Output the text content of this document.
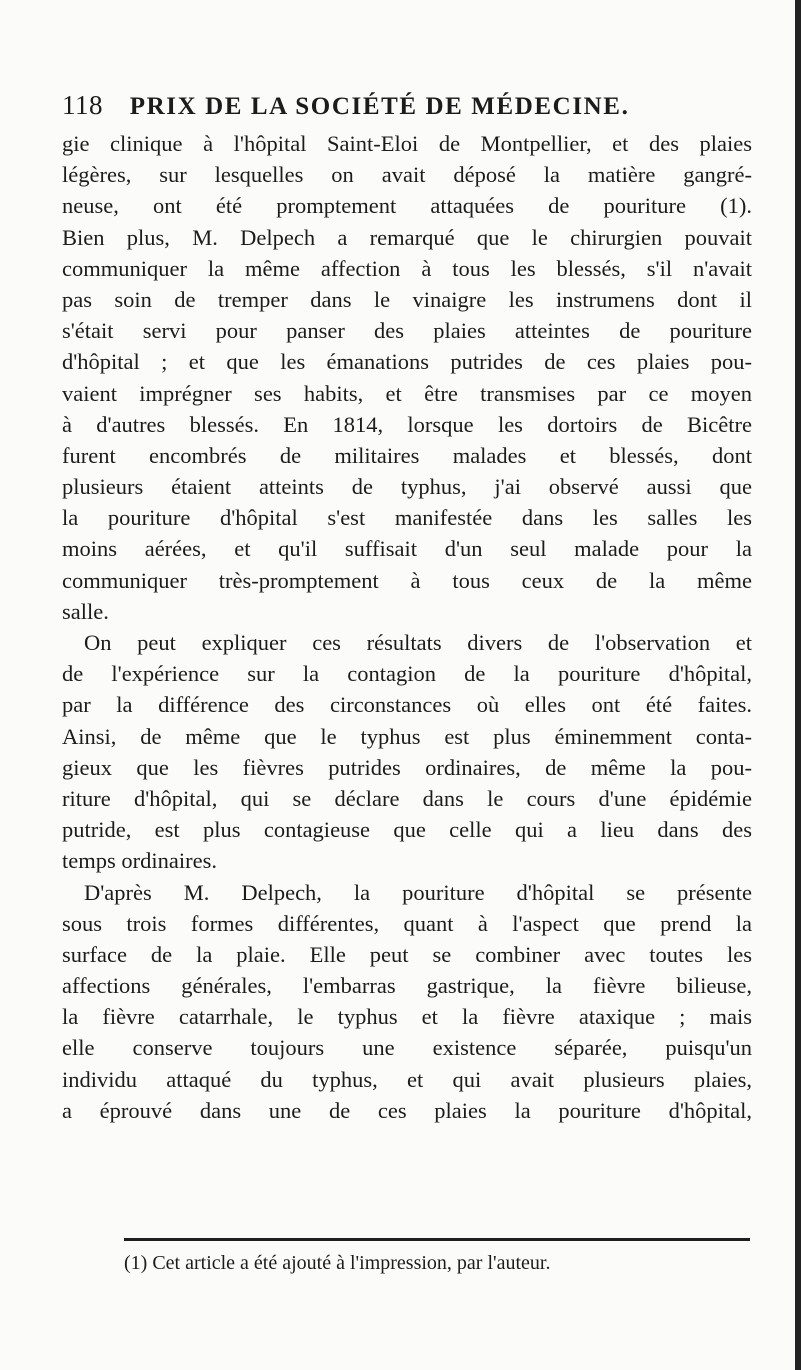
118 PRIX DE LA SOCIÉTÉ DE MÉDECINE.
gie clinique à l'hôpital Saint-Eloi de Montpellier, et des plaies
légères, sur lesquelles on avait déposé la matière gangré-
neuse, ont été promptement attaquées de pouriture (1).
Bien plus, M. Delpech a remarqué que le chirurgien pouvait
communiquer la même affection à tous les blessés, s'il n'avait
pas soin de tremper dans le vinaigre les instrumens dont il
s'était servi pour panser des plaies atteintes de pouriture
d'hôpital ; et que les émanations putrides de ces plaies pou-
vaient imprégner ses habits, et être transmises par ce moyen
à d'autres blessés. En 1814, lorsque les dortoirs de Bicêtre
furent encombrés de militaires malades et blessés, dont
plusieurs étaient atteints de typhus, j'ai observé aussi que
la pouriture d'hôpital s'est manifestée dans les salles les
moins aérées, et qu'il suffisait d'un seul malade pour la
communiquer très-promptement à tous ceux de la même
salle.
On peut expliquer ces résultats divers de l'observation et
de l'expérience sur la contagion de la pouriture d'hôpital,
par la différence des circonstances où elles ont été faites.
Ainsi, de même que le typhus est plus éminemment conta-
gieux que les fièvres putrides ordinaires, de même la pou-
riture d'hôpital, qui se déclare dans le cours d'une épidémie
putride, est plus contagieuse que celle qui a lieu dans des
temps ordinaires.
D'après M. Delpech, la pouriture d'hôpital se présente
sous trois formes différentes, quant à l'aspect que prend la
surface de la plaie. Elle peut se combiner avec toutes les
affections générales, l'embarras gastrique, la fièvre bilieuse,
la fièvre catarrhale, le typhus et la fièvre ataxique ; mais
elle conserve toujours une existence séparée, puisqu'un
individu attaqué du typhus, et qui avait plusieurs plaies,
a éprouvé dans une de ces plaies la pouriture d'hôpital,
(1) Cet article a été ajouté à l'impression, par l'auteur.
